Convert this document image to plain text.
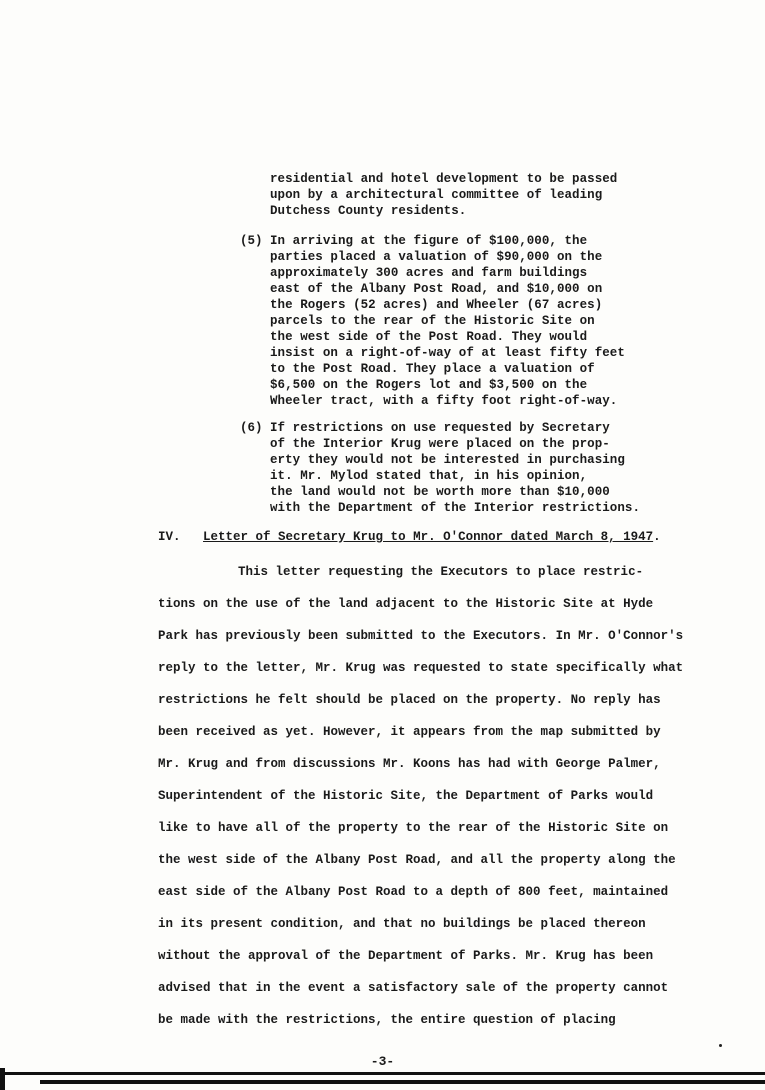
residential and hotel development to be passed
upon by a architectural committee of leading
Dutchess County residents.
(5) In arriving at the figure of $100,000, the
parties placed a valuation of $90,000 on the
approximately 300 acres and farm buildings
east of the Albany Post Road, and $10,000 on
the Rogers (52 acres) and Wheeler (67 acres)
parcels to the rear of the Historic Site on
the west side of the Post Road. They would
insist on a right-of-way of at least fifty feet
to the Post Road. They place a valuation of
$6,500 on the Rogers lot and $3,500 on the
Wheeler tract, with a fifty foot right-of-way.
(6) If restrictions on use requested by Secretary
of the Interior Krug were placed on the prop-
erty they would not be interested in purchasing
it. Mr. Mylod stated that, in his opinion,
the land would not be worth more than $10,000
with the Department of the Interior restrictions.
IV. Letter of Secretary Krug to Mr. O'Connor dated March 8, 1947.
This letter requesting the Executors to place restric-
tions on the use of the land adjacent to the Historic Site at Hyde
Park has previously been submitted to the Executors. In Mr. O'Connor's
reply to the letter, Mr. Krug was requested to state specifically what
restrictions he felt should be placed on the property. No reply has
been received as yet. However, it appears from the map submitted by
Mr. Krug and from discussions Mr. Koons has had with George Palmer,
Superintendent of the Historic Site, the Department of Parks would
like to have all of the property to the rear of the Historic Site on
the west side of the Albany Post Road, and all the property along the
east side of the Albany Post Road to a depth of 800 feet, maintained
in its present condition, and that no buildings be placed thereon
without the approval of the Department of Parks. Mr. Krug has been
advised that in the event a satisfactory sale of the property cannot
be made with the restrictions, the entire question of placing
-3-
